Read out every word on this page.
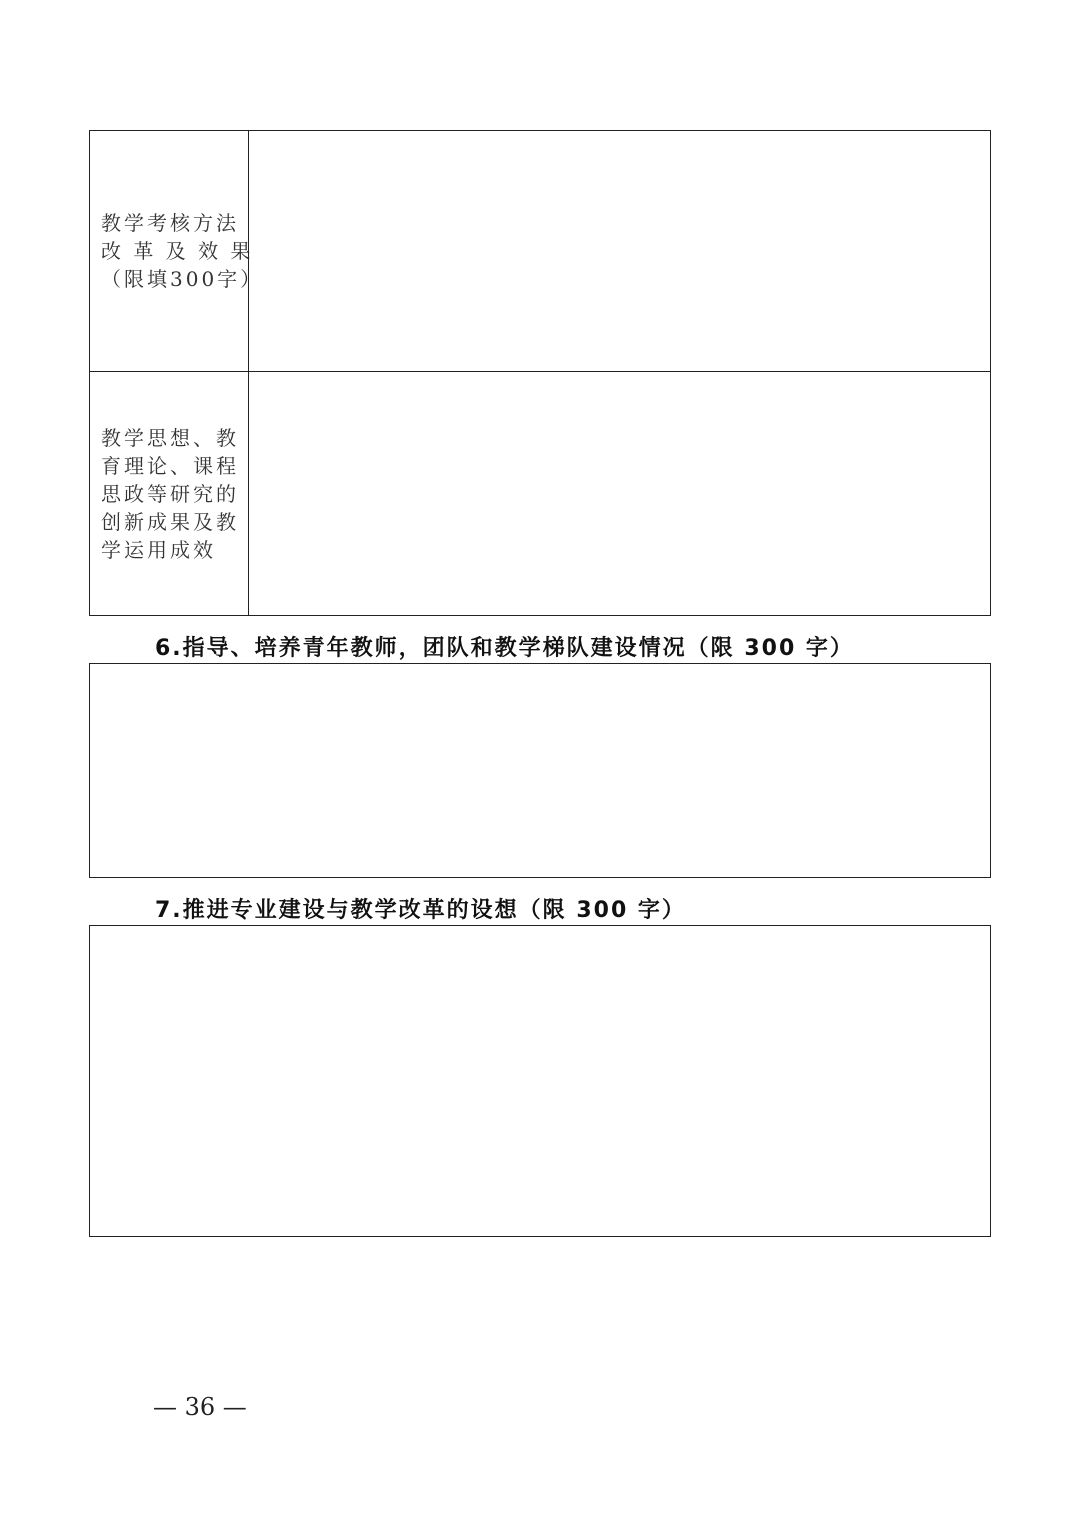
教学考核方法
改 革 及 效 果
（限填300字）
教学思想、教
育理论、课程
思政等研究的
创新成果及教
学运用成效
6.指导、培养青年教师，团队和教学梯队建设情况（限 300 字）
7.推进专业建设与教学改革的设想（限 300 字）
— 36 —
